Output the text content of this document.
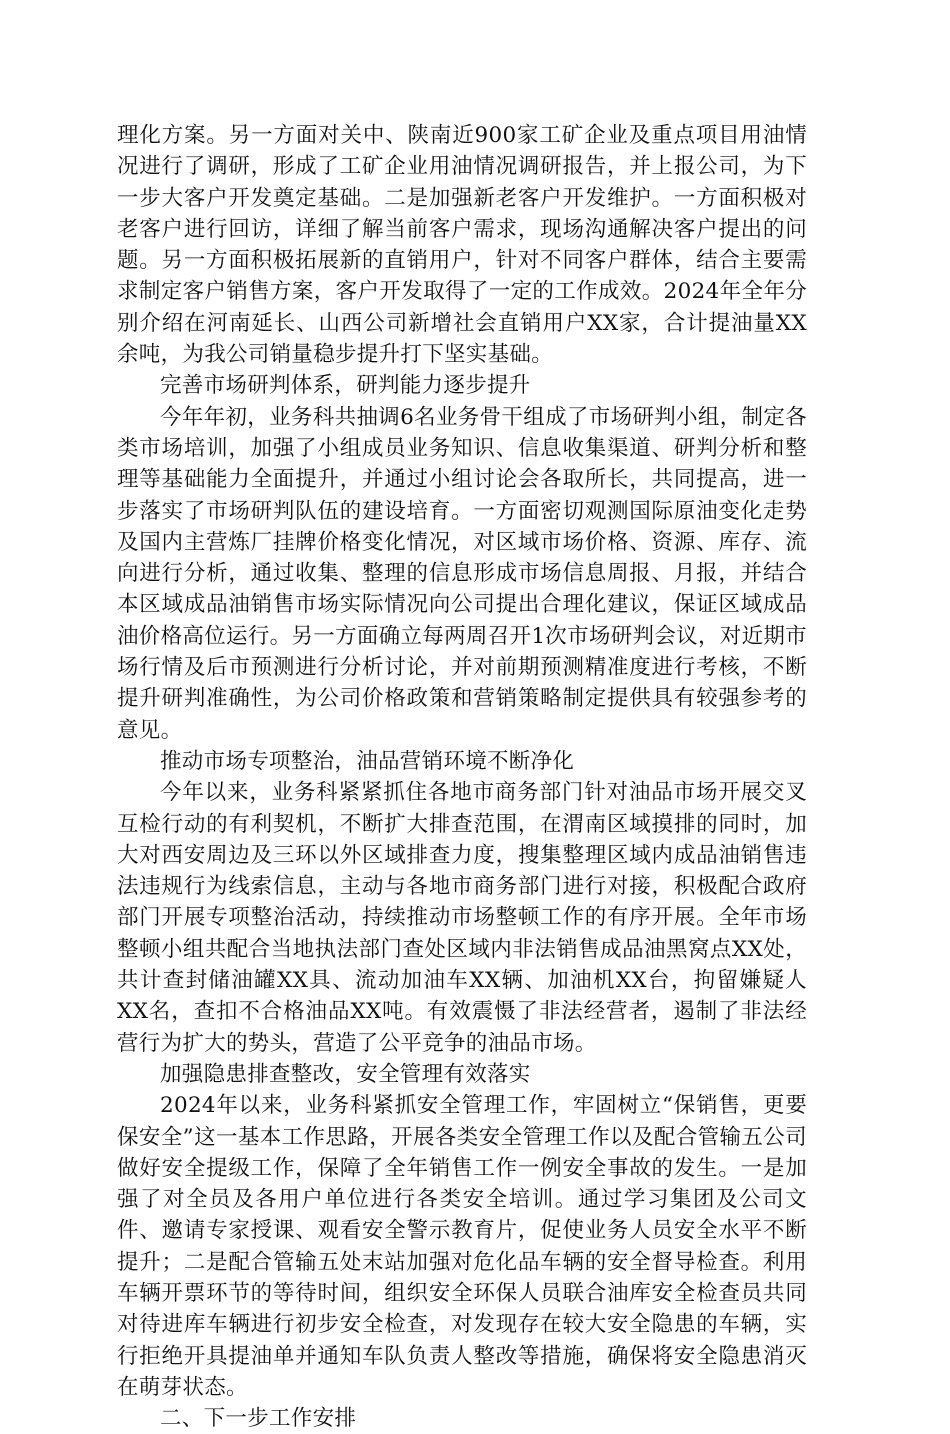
理化方案。另一方面对关中、陕南近900家工矿企业及重点项目用油情况进行了调研，形成了工矿企业用油情况调研报告，并上报公司，为下一步大客户开发奠定基础。二是加强新老客户开发维护。一方面积极对老客户进行回访，详细了解当前客户需求，现场沟通解决客户提出的问题。另一方面积极拓展新的直销用户，针对不同客户群体，结合主要需求制定客户销售方案，客户开发取得了一定的工作成效。2024年全年分别介绍在河南延长、山西公司新增社会直销用户XX家，合计提油量XX余吨，为我公司销量稳步提升打下坚实基础。

完善市场研判体系，研判能力逐步提升

今年年初，业务科共抽调6名业务骨干组成了市场研判小组，制定各类市场培训，加强了小组成员业务知识、信息收集渠道、研判分析和整理等基础能力全面提升，并通过小组讨论会各取所长，共同提高，进一步落实了市场研判队伍的建设培育。一方面密切观测国际原油变化走势及国内主营炼厂挂牌价格变化情况，对区域市场价格、资源、库存、流向进行分析，通过收集、整理的信息形成市场信息周报、月报，并结合本区域成品油销售市场实际情况向公司提出合理化建议，保证区域成品油价格高位运行。另一方面确立每两周召开1次市场研判会议，对近期市场行情及后市预测进行分析讨论，并对前期预测精准度进行考核，不断提升研判准确性，为公司价格政策和营销策略制定提供具有较强参考的意见。

推动市场专项整治，油品营销环境不断净化

今年以来，业务科紧紧抓住各地市商务部门针对油品市场开展交叉互检行动的有利契机，不断扩大排查范围，在渭南区域摸排的同时，加大对西安周边及三环以外区域排查力度，搜集整理区域内成品油销售违法违规行为线索信息，主动与各地市商务部门进行对接，积极配合政府部门开展专项整治活动，持续推动市场整顿工作的有序开展。全年市场整顿小组共配合当地执法部门查处区域内非法销售成品油黑窝点XX处，共计查封储油罐XX具、流动加油车XX辆、加油机XX台，拘留嫌疑人XX名，查扣不合格油品XX吨。有效震慑了非法经营者，遏制了非法经营行为扩大的势头，营造了公平竞争的油品市场。

加强隐患排查整改，安全管理有效落实

2024年以来，业务科紧抓安全管理工作，牢固树立“保销售，更要保安全”这一基本工作思路，开展各类安全管理工作以及配合管输五公司做好安全提级工作，保障了全年销售工作一例安全事故的发生。一是加强了对全员及各用户单位进行各类安全培训。通过学习集团及公司文件、邀请专家授课、观看安全警示教育片，促使业务人员安全水平不断提升；二是配合管输五处末站加强对危化品车辆的安全督导检查。利用车辆开票环节的等待时间，组织安全环保人员联合油库安全检查员共同对待进库车辆进行初步安全检查，对发现存在较大安全隐患的车辆，实行拒绝开具提油单并通知车队负责人整改等措施，确保将安全隐患消灭在萌芽状态。

二、下一步工作安排
